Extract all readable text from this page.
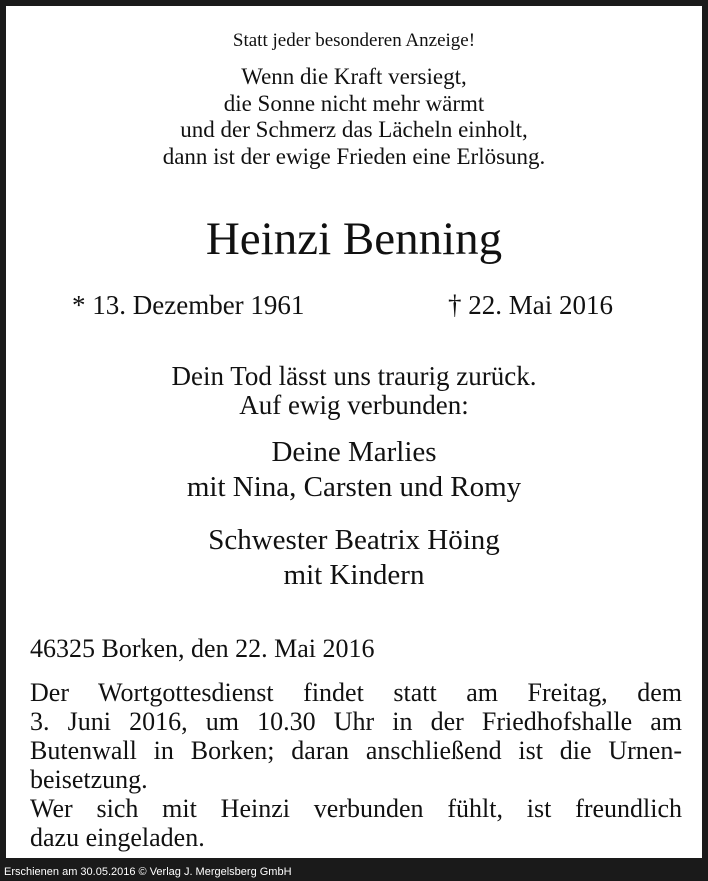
Statt jeder besonderen Anzeige!
Wenn die Kraft versiegt,
die Sonne nicht mehr wärmt
und der Schmerz das Lächeln einholt,
dann ist der ewige Frieden eine Erlösung.
Heinzi Benning
* 13. Dezember 1961	† 22. Mai 2016
Dein Tod lässt uns traurig zurück.
Auf ewig verbunden:
Deine Marlies
mit Nina, Carsten und Romy
Schwester Beatrix Höing
mit Kindern
46325 Borken, den 22. Mai 2016
Der Wortgottesdienst findet statt am Freitag, dem
3. Juni 2016, um 10.30 Uhr in der Friedhofshalle am
Butenwall in Borken; daran anschließend ist die Urnen-
beisetzung.
Wer sich mit Heinzi verbunden fühlt, ist freundlich
dazu eingeladen.
Erschienen am 30.05.2016 © Verlag J. Mergelsberg GmbH
